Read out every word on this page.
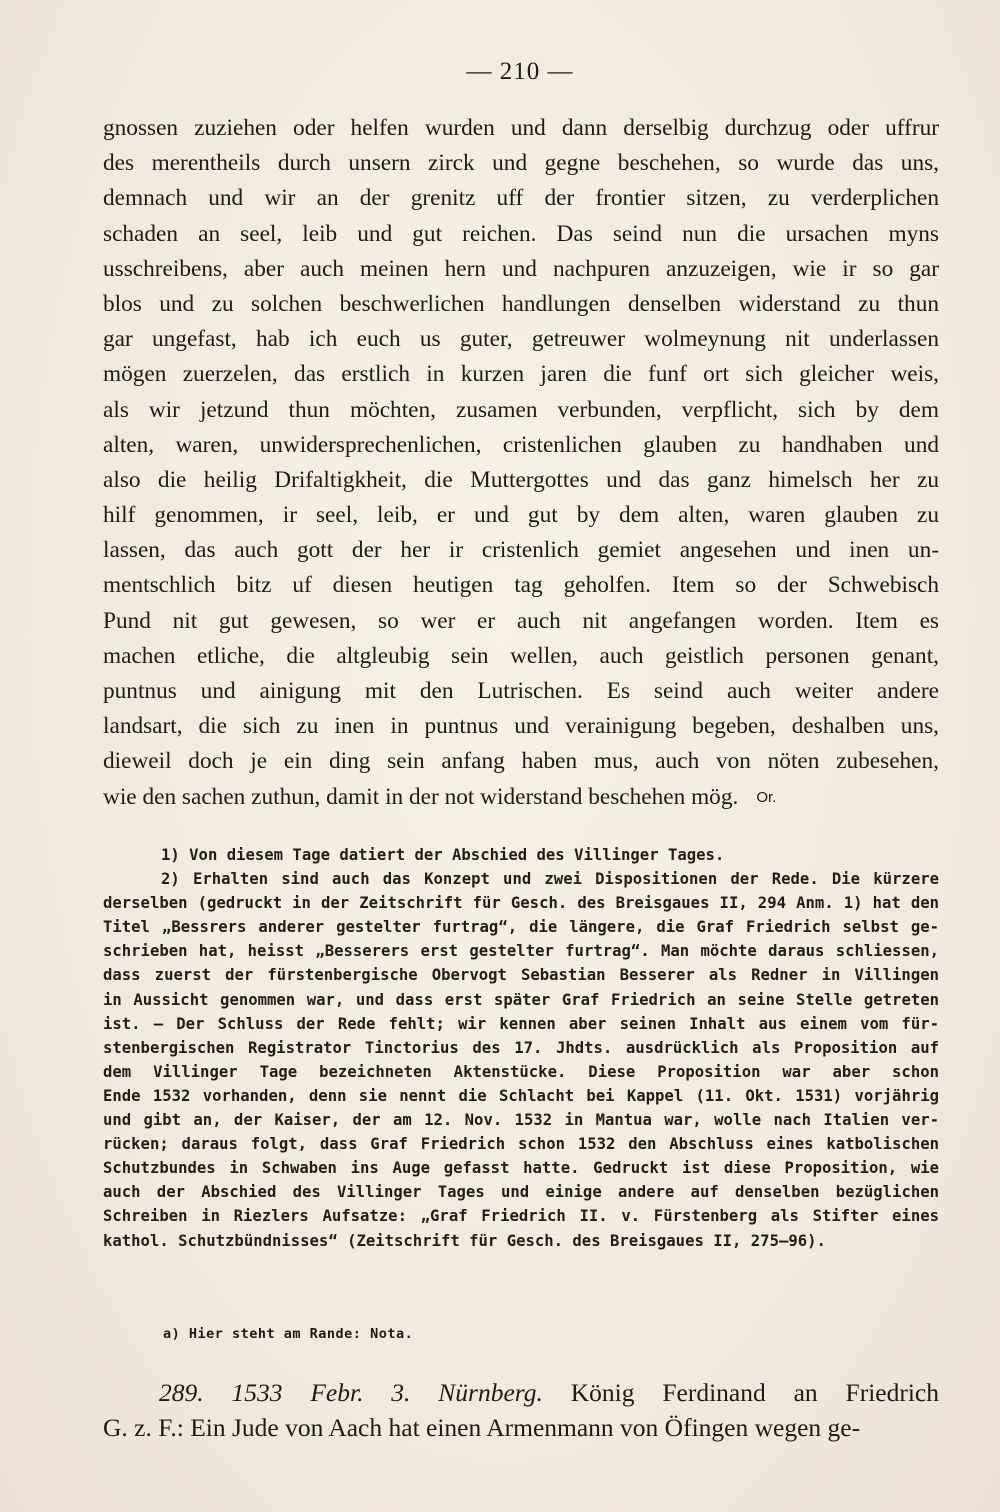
— 210 —
gnossen zuziehen oder helfen wurden und dann derselbig durchzug oder uffrur
des merentheils durch unsern zirck und gegne beschehen, so wurde das uns,
demnach und wir an der grenitz uff der frontier sitzen, zu verderplichen
schaden an seel, leib und gut reichen. Das seind nun die ursachen myns
usschreibens, aber auch meinen hern und nachpuren anzuzeigen, wie ir so gar
blos und zu solchen beschwerlichen handlungen denselben widerstand zu thun
gar ungefast, hab ich euch us guter, getreuwer wolmeynung nit underlassen
mögen zuerzelen, das erstlich in kurzen jaren die funf ort sich gleicher weis,
als wir jetzund thun möchten, zusamen verbunden, verpflicht, sich by dem
alten, waren, unwidersprechenlichen, cristenlichen glauben zu handhaben und
also die heilig Drifaltigkheit, die Muttergottes und das ganz himelsch her zu
hilf genommen, ir seel, leib, er und gut by dem alten, waren glauben zu
lassen, das auch gott der her ir cristenlich gemiet angesehen und inen un-
mentschlich bitz uf diesen heutigen tag geholfen. Item so der Schwebisch
Pund nit gut gewesen, so wer er auch nit angefangen worden. Item es
machen etliche, die altgleubig sein wellen, auch geistlich personen genant,
puntnus und ainigung mit den Lutrischen. Es seind auch weiter andere
landsart, die sich zu inen in puntnus und verainigung begeben, deshalben uns,
dieweil doch je ein ding sein anfang haben mus, auch von nöten zubesehen,
wie den sachen zuthun, damit in der not widerstand beschehen mög. Or.
1) Von diesem Tage datiert der Abschied des Villinger Tages.
2) Erhalten sind auch das Konzept und zwei Dispositionen der Rede. Die kürzere
derselben (gedruckt in der Zeitschrift für Gesch. des Breisgaues II, 294 Anm. 1) hat den
Titel „Bessrers anderer gestelter furtrag“, die längere, die Graf Friedrich selbst ge-
schrieben hat, heisst „Besserers erst gestelter furtrag“. Man möchte daraus schliessen,
dass zuerst der fürstenbergische Obervogt Sebastian Besserer als Redner in Villingen
in Aussicht genommen war, und dass erst später Graf Friedrich an seine Stelle getreten
ist. — Der Schluss der Rede fehlt; wir kennen aber seinen Inhalt aus einem vom für-
stenbergischen Registrator Tinctorius des 17. Jhdts. ausdrücklich als Proposition auf
dem Villinger Tage bezeichneten Aktenstücke. Diese Proposition war aber schon
Ende 1532 vorhanden, denn sie nennt die Schlacht bei Kappel (11. Okt. 1531) vorjährig
und gibt an, der Kaiser, der am 12. Nov. 1532 in Mantua war, wolle nach Italien ver-
rücken; daraus folgt, dass Graf Friedrich schon 1532 den Abschluss eines katbolischen
Schutzbundes in Schwaben ins Auge gefasst hatte. Gedruckt ist diese Proposition, wie
auch der Abschied des Villinger Tages und einige andere auf denselben bezüglichen
Schreiben in Riezlers Aufsatze: „Graf Friedrich II. v. Fürstenberg als Stifter eines
kathol. Schutzbündnisses“ (Zeitschrift für Gesch. des Breisgaues II, 275–96).
a) Hier steht am Rande: Nota.
289. 1533 Febr. 3. Nürnberg. König Ferdinand an Friedrich
G. z. F.: Ein Jude von Aach hat einen Armenmann von Öfingen wegen ge-
